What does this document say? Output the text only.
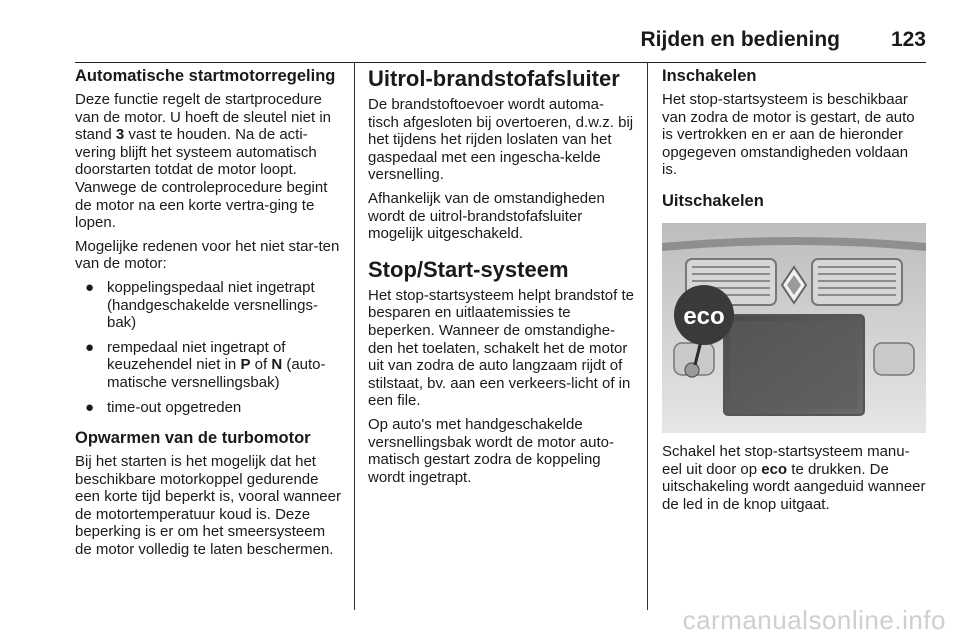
Rijden en bediening 123
Automatische startmotorregeling

Deze functie regelt de startprocedure van de motor. U hoeft de sleutel niet in stand 3 vast te houden. Na de acti-vering blijft het systeem automatisch doorstarten totdat de motor loopt. Vanwege de controleprocedure begint de motor na een korte vertra-ging te lopen.

Mogelijke redenen voor het niet star-ten van de motor:

● koppelingspedaal niet ingetrapt (handgeschakelde versnellings-bak)
● rempedaal niet ingetrapt of keuzehendel niet in P of N (auto-matische versnellingsbak)
● time-out opgetreden
Opwarmen van de turbomotor

Bij het starten is het mogelijk dat het beschikbare motorkoppel gedurende een korte tijd beperkt is, vooral wanneer de motortemperatuur koud is. Deze beperking is er om het smeersysteem de motor volledig te laten beschermen.

Uitrol-brandstofafsluiter

De brandstoftoevoer wordt automa-tisch afgesloten bij overtoeren, d.w.z. bij het tijdens het rijden loslaten van het gaspedaal met een ingescha-kelde versnelling.

Afhankelijk van de omstandigheden wordt de uitrol-brandstofafsluiter mogelijk uitgeschakeld.

Stop/Start-systeem

Het stop-startsysteem helpt brandstof te besparen en uitlaatemissies te beperken. Wanneer de omstandighe-den het toelaten, schakelt het de motor uit van zodra de auto langzaam rijdt of stilstaat, bv. aan een verkeers-licht of in een file.

Op auto's met handgeschakelde versnellingsbak wordt de motor auto-matisch gestart zodra de koppeling wordt ingetrapt.

Inschakelen

Het stop-startsysteem is beschikbaar van zodra de motor is gestart, de auto is vertrokken en er aan de hieronder opgegeven omstandigheden voldaan is.

Uitschakelen
eco

Schakel het stop-startsysteem manu-eel uit door op eco te drukken. De uitschakeling wordt aangeduid wanneer de led in de knop uitgaat.

carmanualsonline.info
